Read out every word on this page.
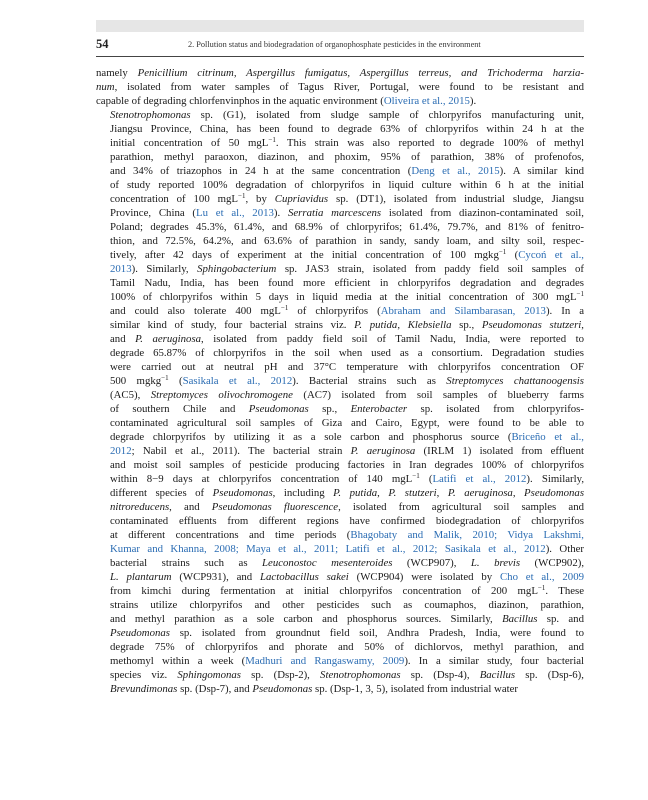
54	2. Pollution status and biodegradation of organophosphate pesticides in the environment

namely Penicillium citrinum, Aspergillus fumigatus, Aspergillus terreus, and Trichoderma harzia-
num, isolated from water samples of Tagus River, Portugal, were found to be resistant and
capable of degrading chlorfenvinphos in the aquatic environment (Oliveira et al., 2015).

Stenotrophomonas sp. (G1), isolated from sludge sample of chlorpyrifos manufacturing unit,
Jiangsu Province, China, has been found to degrade 63% of chlorpyrifos within 24 h at the
initial concentration of 50 mgL$^{-1}$. This strain was also reported to degrade 100% of methyl
parathion, methyl paraoxon, diazinon, and phoxim, 95% of parathion, 38% of profenofos,
and 34% of triazophos in 24 h at the same concentration (Deng et al., 2015). A similar kind
of study reported 100% degradation of chlorpyrifos in liquid culture within 6 h at the initial
concentration of 100 mgL$^{-1}$, by Cupriavidus sp. (DT1), isolated from industrial sludge, Jiangsu
Province, China (Lu et al., 2013). Serratia marcescens isolated from diazinon-contaminated soil,
Poland; degrades 45.3%, 61.4%, and 68.9% of chlorpyrifos; 61.4%, 79.7%, and 81% of fenitro-
thion, and 72.5%, 64.2%, and 63.6% of parathion in sandy, sandy loam, and silty soil, respec-
tively, after 42 days of experiment at the initial concentration of 100 mgkg$^{-1}$ (Cycoń et al.,
2013). Similarly, Sphingobacterium sp. JAS3 strain, isolated from paddy field soil samples of
Tamil Nadu, India, has been found more efficient in chlorpyrifos degradation and degrades
100% of chlorpyrifos within 5 days in liquid media at the initial concentration of 300 mgL$^{-1}$
and could also tolerate 400 mgL$^{-1}$ of chlorpyrifos (Abraham and Silambarasan, 2013). In a
similar kind of study, four bacterial strains viz. P. putida, Klebsiella sp., Pseudomonas stutzeri,
and P. aeruginosa, isolated from paddy field soil of Tamil Nadu, India, were reported to
degrade 65.87% of chlorpyrifos in the soil when used as a consortium. Degradation studies
were carried out at neutral pH and 37°C temperature with chlorpyrifos concentration OF
500 mgkg$^{-1}$ (Sasikala et al., 2012). Bacterial strains such as Streptomyces chattanoogensis
(AC5), Streptomyces olivochromogene (AC7) isolated from soil samples of blueberry farms
of southern Chile and Pseudomonas sp., Enterobacter sp. isolated from chlorpyrifos-
contaminated agricultural soil samples of Giza and Cairo, Egypt, were found to be able to
degrade chlorpyrifos by utilizing it as a sole carbon and phosphorus source (Briceño et al.,
2012; Nabil et al., 2011). The bacterial strain P. aeruginosa (IRLM 1) isolated from effluent
and moist soil samples of pesticide producing factories in Iran degrades 100% of chlorpyrifos
within 8−9 days at chlorpyrifos concentration of 140 mgL$^{-1}$ (Latifi et al., 2012). Similarly,
different species of Pseudomonas, including P. putida, P. stutzeri, P. aeruginosa, Pseudomonas
nitroreducens, and Pseudomonas fluorescence, isolated from agricultural soil samples and
contaminated effluents from different regions have confirmed biodegradation of chlorpyrifos
at different concentrations and time periods (Bhagobaty and Malik, 2010; Vidya Lakshmi,
Kumar and Khanna, 2008; Maya et al., 2011; Latifi et al., 2012; Sasikala et al., 2012). Other
bacterial strains such as Leuconostoc mesenteroides (WCP907), L. brevis (WCP902),
L. plantarum (WCP931), and Lactobacillus sakei (WCP904) were isolated by Cho et al., 2009
from kimchi during fermentation at initial chlorpyrifos concentration of 200 mgL$^{-1}$. These
strains utilize chlorpyrifos and other pesticides such as coumaphos, diazinon, parathion,
and methyl parathion as a sole carbon and phosphorus sources. Similarly, Bacillus sp. and
Pseudomonas sp. isolated from groundnut field soil, Andhra Pradesh, India, were found to
degrade 75% of chlorpyrifos and phorate and 50% of dichlorvos, methyl parathion, and
methomyl within a week (Madhuri and Rangaswamy, 2009). In a similar study, four bacterial
species viz. Sphingomonas sp. (Dsp-2), Stenotrophomonas sp. (Dsp-4), Bacillus sp. (Dsp-6),
Brevundimonas sp. (Dsp-7), and Pseudomonas sp. (Dsp-1, 3, 5), isolated from industrial water
